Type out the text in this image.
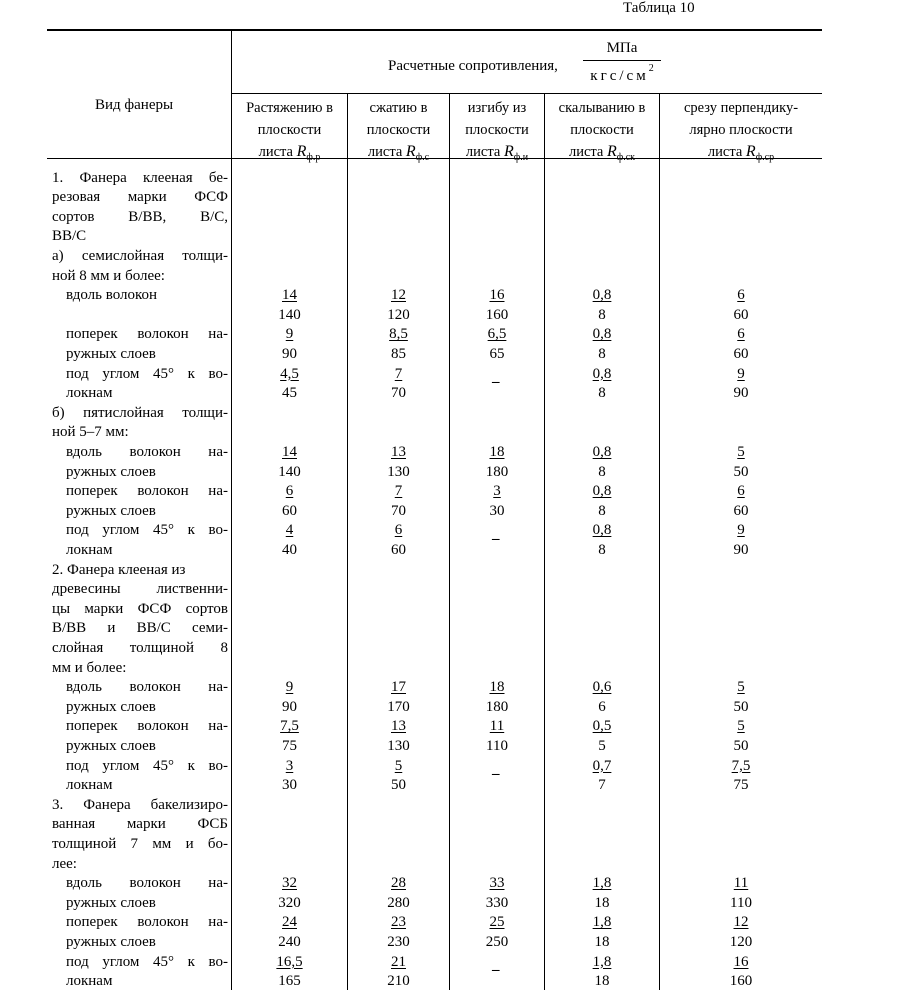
Таблица 10
Вид фанеры
Расчетные сопротивления,
МПа
кгс/$см^2$
Растяжению в
плоскости
листа $R_{ф.р}$
сжатию в
плоскости
листа $R_{ф.с}$
изгибу из
плоскости
листа $R_{ф.и}$
скалыванию в
плоскости
листа $R_{ф.ск}$
срезу перпендику-
лярно плоскости
листа $R_{ф.ср}$
1. Фанера клееная бе-
резовая марки ФСФ
сортов В/ВВ, В/С,
ВВ/С
а) семислойная толщи-
ной 8 мм и более:
вдоль волокон
поперек волокон на-
ружных слоев
под углом 45° к во-
локнам
б) пятислойная толщи-
ной 5–7 мм:
вдоль волокон на-
ружных слоев
поперек волокон на-
ружных слоев
под углом 45° к во-
локнам
2. Фанера клееная из
древесины лиственни-
цы марки ФСФ сортов
В/ВВ и ВВ/С семи-
слойная толщиной 8
мм и более:
вдоль волокон на-
ружных слоев
поперек волокон на-
ружных слоев
под углом 45° к во-
локнам
3. Фанера бакелизиро-
ванная марки ФСБ
толщиной 7 мм и бо-
лее:
вдоль волокон на-
ружных слоев
поперек волокон на-
ружных слоев
под углом 45° к во-
локнам
14
140
12
120
16
160
0,8
8
6
60
9
90
8,5
85
6,5
65
0,8
8
6
60
4,5
45
7
70
–
0,8
8
9
90
14
140
13
130
18
180
0,8
8
5
50
6
60
7
70
3
30
0,8
8
6
60
4
40
6
60
–
0,8
8
9
90
9
90
17
170
18
180
0,6
6
5
50
7,5
75
13
130
11
110
0,5
5
5
50
3
30
5
50
–
0,7
7
7,5
75
32
320
28
280
33
330
1,8
18
11
110
24
240
23
230
25
250
1,8
18
12
120
16,5
165
21
210
–
1,8
18
16
160
